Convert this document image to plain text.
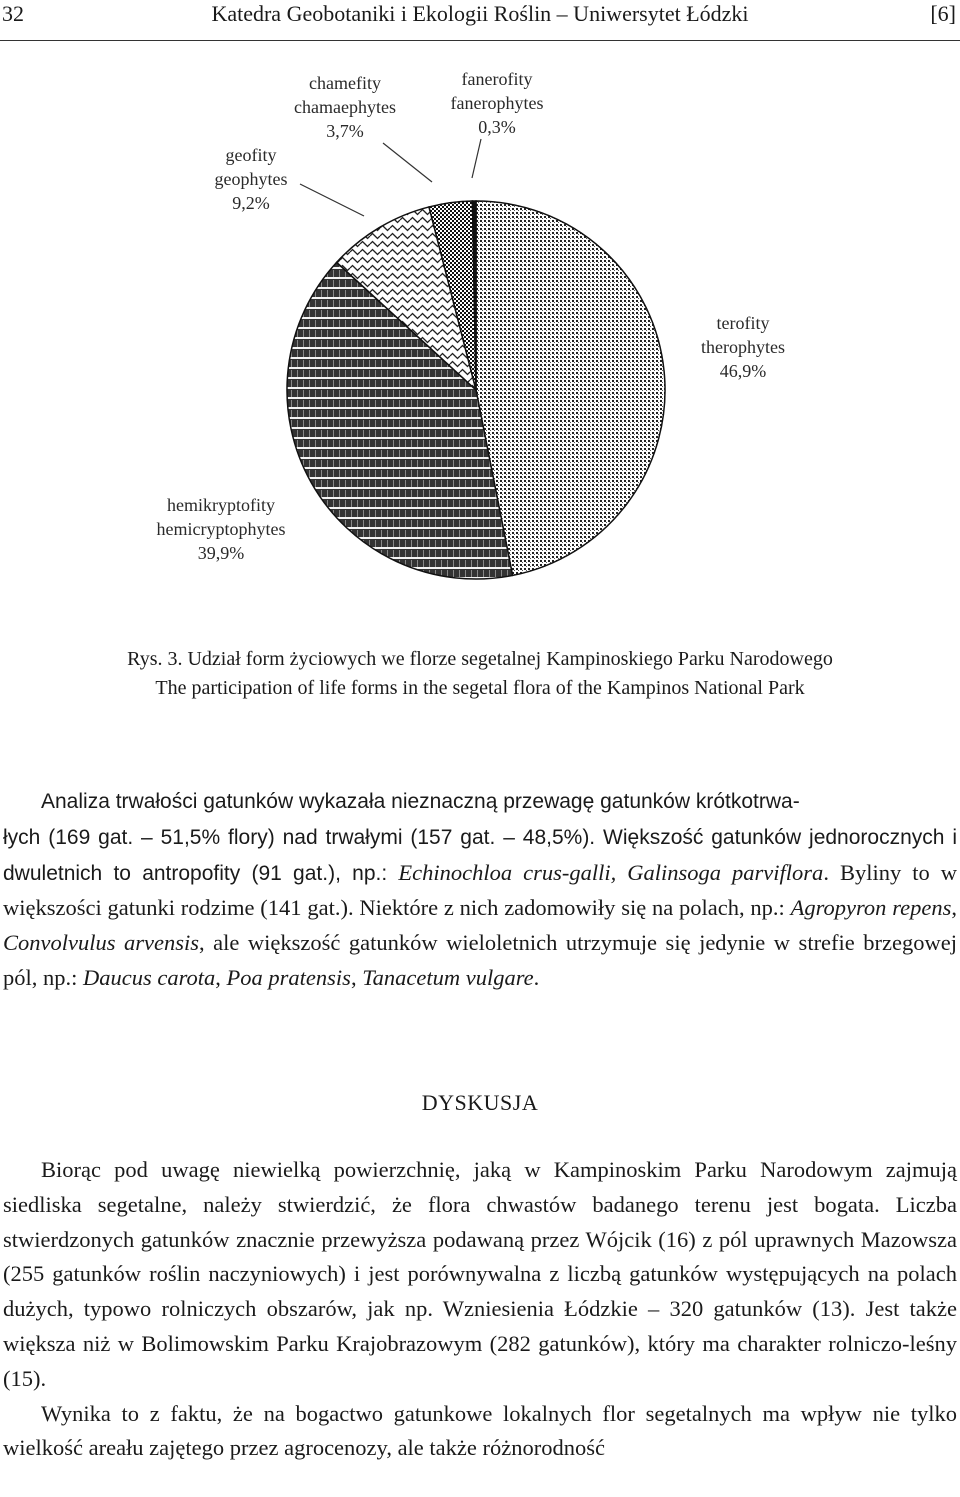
32	Katedra Geobotaniki i Ekologii Roślin – Uniwersytet Łódzki	[6]
chamefity
chamaephytes
3,7%
fanerofity
fanerophytes
0,3%
geofity
geophytes
9,2%
terofity
therophytes
46,9%
hemikryptofity
hemicryptophytes
39,9%
Rys. 3. Udział form życiowych we florze segetalnej Kampinoskiego Parku Narodowego
The participation of life forms in the segetal flora of the Kampinos National Park

Analiza trwałości gatunków wykazała nieznaczną przewagę gatunków krótkotrwa-

łych (169 gat. – 51,5% flory) nad trwałymi (157 gat. – 48,5%). Większość gatunków jednorocznych i dwuletnich to antropofity (91 gat.), np.: Echinochloa crus-galli, Galinsoga parviflora. Byliny to w większości gatunki rodzime (141 gat.). Niektóre z nich zadomowiły się na polach, np.: Agropyron repens, Convolvulus arvensis, ale większość gatunków wieloletnich utrzymuje się jedynie w strefie brzegowej pól, np.: Daucus carota, Poa pratensis, Tanacetum vulgare.

DYSKUSJA

Biorąc pod uwagę niewielką powierzchnię, jaką w Kampinoskim Parku Narodowym zajmują siedliska segetalne, należy stwierdzić, że flora chwastów badanego terenu jest bogata. Liczba stwierdzonych gatunków znacznie przewyższa podawaną przez Wójcik (16) z pól uprawnych Mazowsza (255 gatunków roślin naczyniowych) i jest porównywalna z liczbą gatunków występujących na polach dużych, typowo rolniczych obszarów, jak np. Wzniesienia Łódzkie – 320 gatunków (13). Jest także większa niż w Bolimowskim Parku Krajobrazowym (282 gatunków), który ma charakter rolniczo-leśny (15).

Wynika to z faktu, że na bogactwo gatunkowe lokalnych flor segetalnych ma wpływ nie tylko wielkość areału zajętego przez agrocenozy, ale także różnorodność
